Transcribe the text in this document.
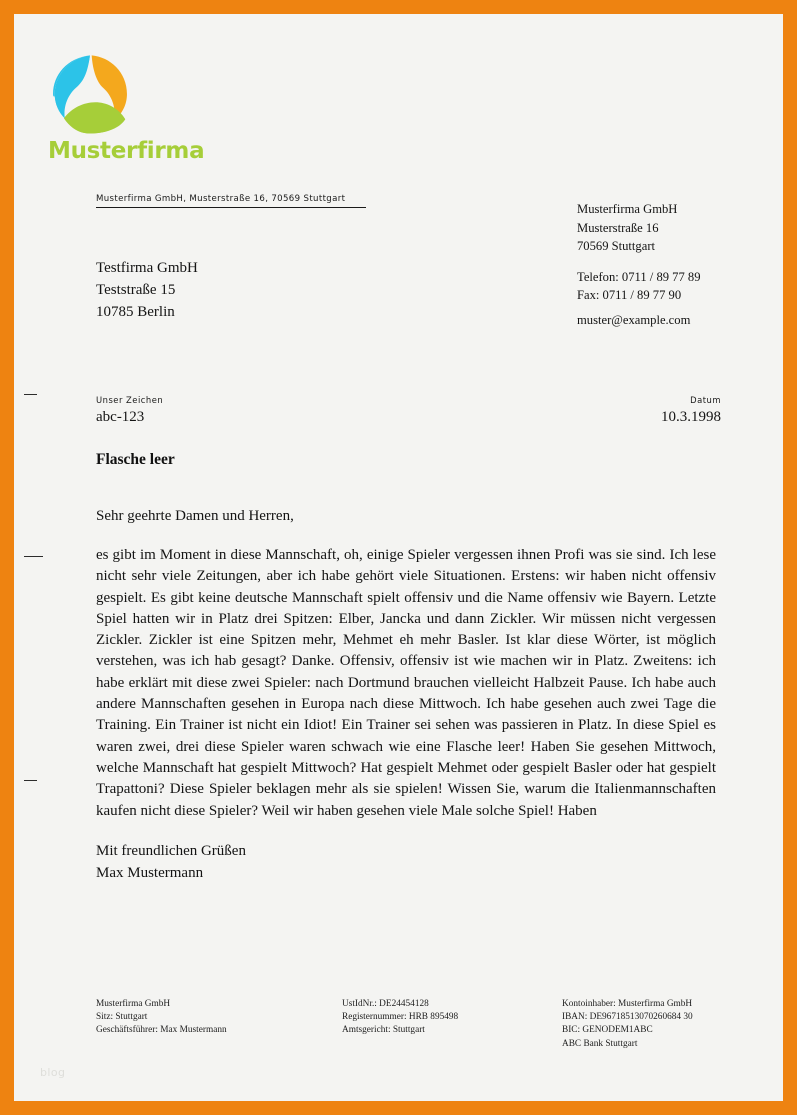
blog
Musterfirma
Musterfirma GmbH, Musterstraße 16, 70569 Stuttgart
Testfirma GmbH
Teststraße 15
10785 Berlin
Musterfirma GmbH
Musterstraße 16
70569 Stuttgart
Telefon: 0711 / 89 77 89
Fax: 0711 / 89 77 90
muster@example.com
Unser Zeichen
abc-123
Datum
10.3.1998
Flasche leer
Sehr geehrte Damen und Herren,

es gibt im Moment in diese Mannschaft, oh, einige Spieler vergessen ihnen Profi was sie sind. Ich lese nicht sehr viele Zeitungen, aber ich habe gehört viele Situationen. Erstens: wir haben nicht offensiv gespielt. Es gibt keine deutsche Mannschaft spielt offensiv und die Name offensiv wie Bayern. Letzte Spiel hatten wir in Platz drei Spitzen: Elber, Jancka und dann Zickler. Wir müssen nicht vergessen Zickler. Zickler ist eine Spitzen mehr, Mehmet eh mehr Basler. Ist klar diese Wörter, ist möglich verstehen, was ich hab gesagt? Danke. Offensiv, offensiv ist wie machen wir in Platz. Zweitens: ich habe erklärt mit diese zwei Spieler: nach Dortmund brauchen vielleicht Halbzeit Pause. Ich habe auch andere Mannschaften gesehen in Europa nach diese Mittwoch. Ich habe gesehen auch zwei Tage die Training. Ein Trainer ist nicht ein Idiot! Ein Trainer sei sehen was passieren in Platz. In diese Spiel es waren zwei, drei diese Spieler waren schwach wie eine Flasche leer! Haben Sie gesehen Mittwoch, welche Mannschaft hat gespielt Mittwoch? Hat gespielt Mehmet oder gespielt Basler oder hat gespielt Trapattoni? Diese Spieler beklagen mehr als sie spielen! Wissen Sie, warum die Italienmannschaften kaufen nicht diese Spieler? Weil wir haben gesehen viele Male solche Spiel! Haben

Mit freundlichen Grüßen
Max Mustermann
Musterfirma GmbH
Sitz: Stuttgart
Geschäftsführer: Max Mustermann
UstIdNr.: DE24454128
Registernummer: HRB 895498
Amtsgericht: Stuttgart
Kontoinhaber: Musterfirma GmbH
IBAN: DE96718513070260684 30
BIC: GENODEM1ABC
ABC Bank Stuttgart
